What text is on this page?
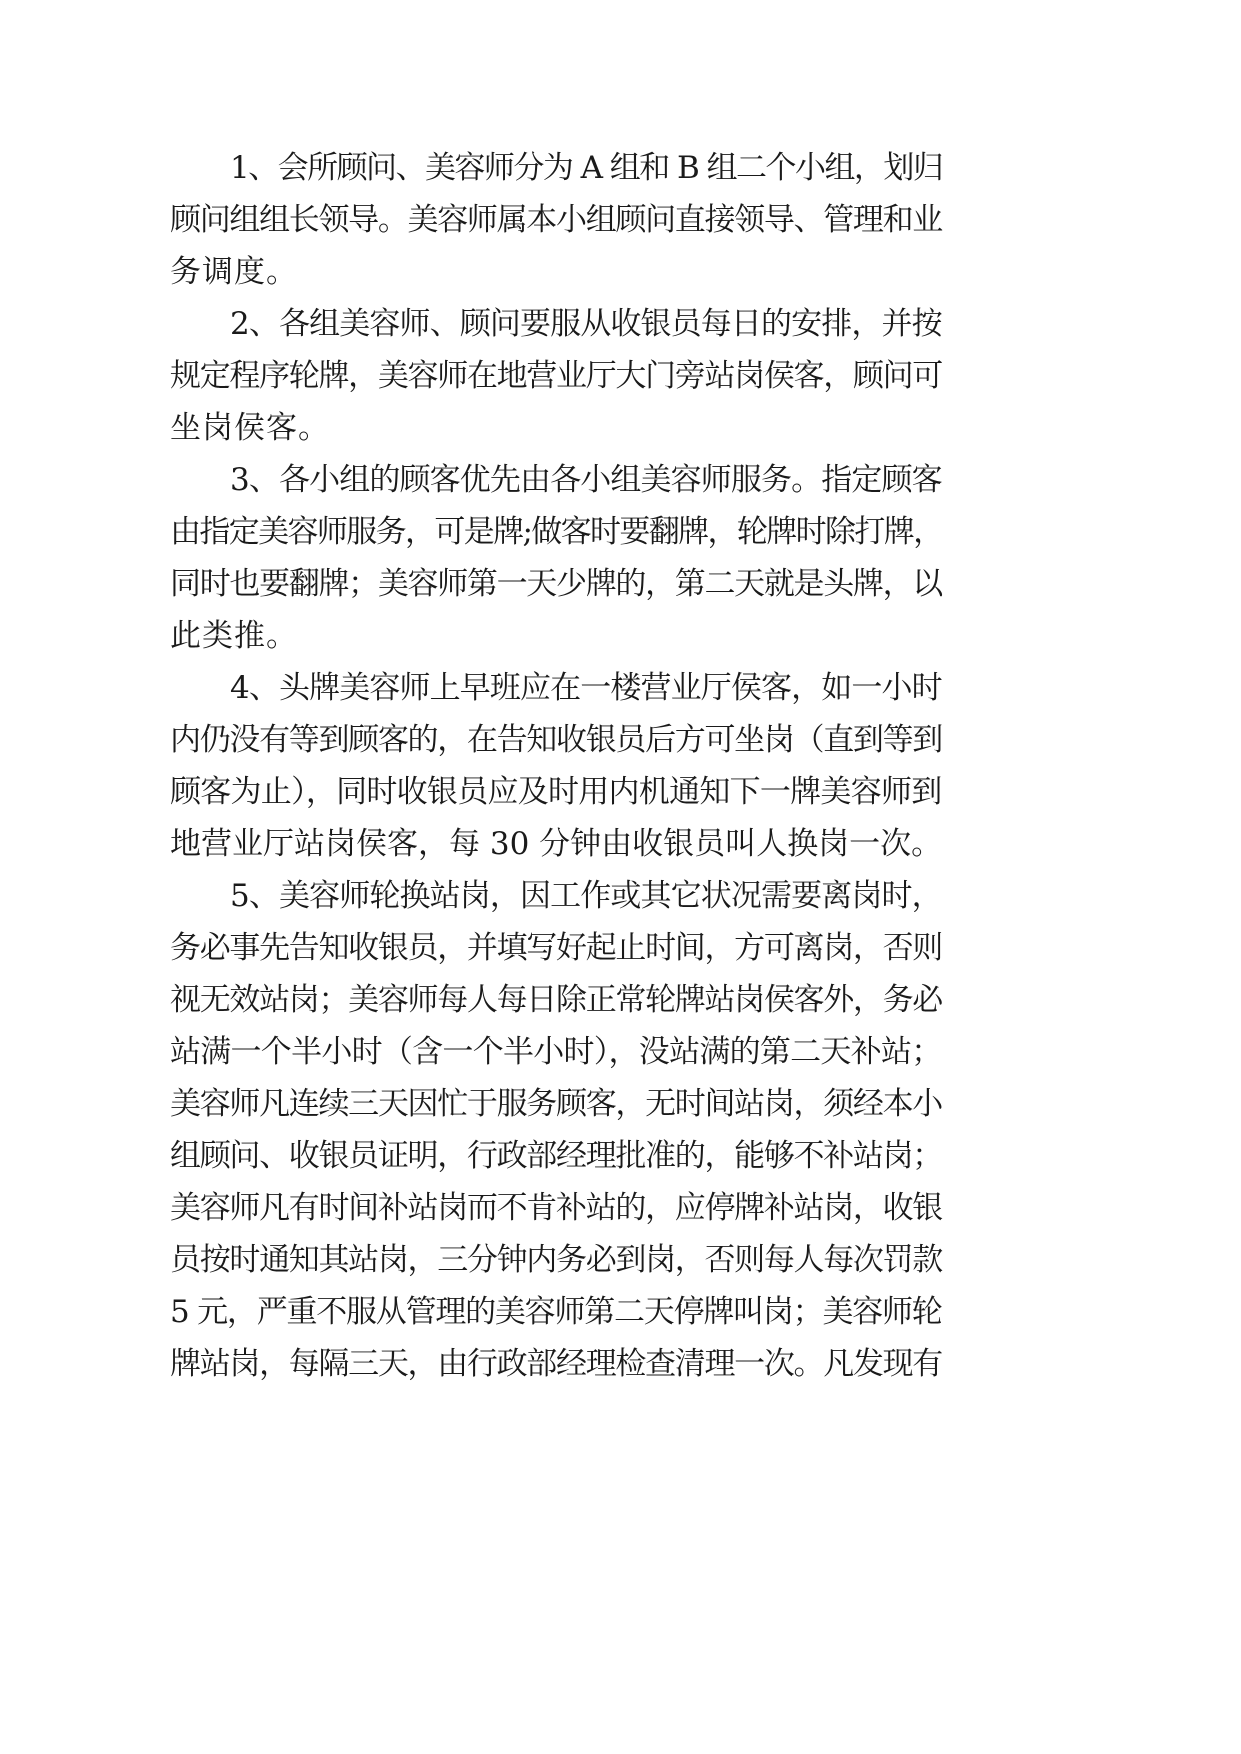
1、会所顾问、美容师分为 A 组和 B 组二个小组，划归
顾问组组长领导。美容师属本小组顾问直接领导、管理和业
务调度。
2、各组美容师、顾问要服从收银员每日的安排，并按
规定程序轮牌，美容师在地营业厅大门旁站岗侯客，顾问可
坐岗侯客。
3、各小组的顾客优先由各小组美容师服务。指定顾客
由指定美容师服务，可是牌;做客时要翻牌，轮牌时除打牌，
同时也要翻牌；美容师第一天少牌的，第二天就是头牌，以
此类推。
4、头牌美容师上早班应在一楼营业厅侯客，如一小时
内仍没有等到顾客的，在告知收银员后方可坐岗（直到等到
顾客为止），同时收银员应及时用内机通知下一牌美容师到
地营业厅站岗侯客，每 30 分钟由收银员叫人换岗一次。
5、美容师轮换站岗，因工作或其它状况需要离岗时，
务必事先告知收银员，并填写好起止时间，方可离岗，否则
视无效站岗；美容师每人每日除正常轮牌站岗侯客外，务必
站满一个半小时（含一个半小时），没站满的第二天补站；
美容师凡连续三天因忙于服务顾客，无时间站岗，须经本小
组顾问、收银员证明，行政部经理批准的，能够不补站岗；
美容师凡有时间补站岗而不肯补站的，应停牌补站岗，收银
员按时通知其站岗，三分钟内务必到岗，否则每人每次罚款
5 元，严重不服从管理的美容师第二天停牌叫岗；美容师轮
牌站岗，每隔三天，由行政部经理检查清理一次。凡发现有
